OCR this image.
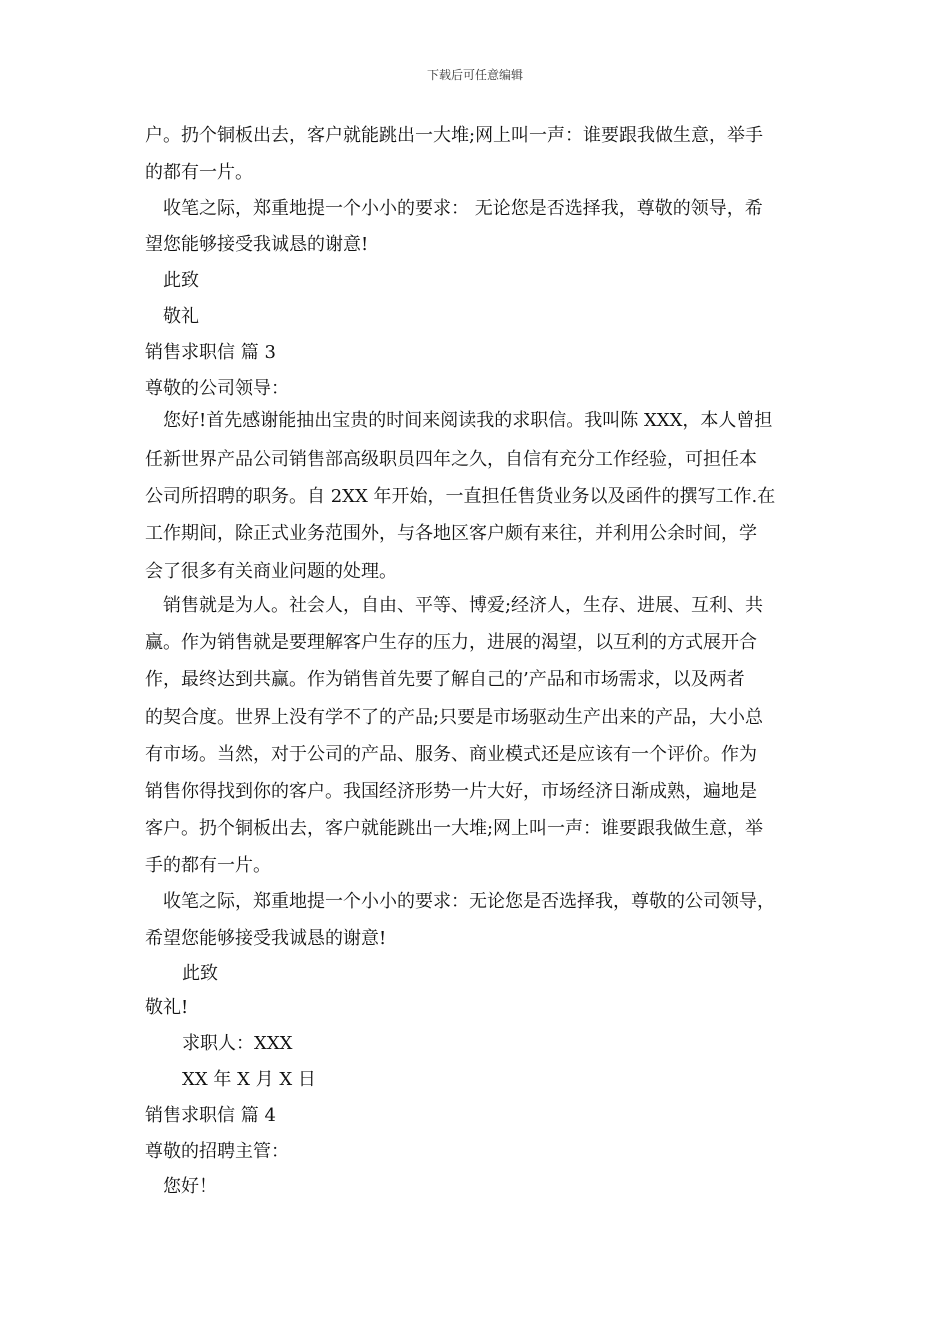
下载后可任意编辑
户。扔个铜板出去，客户就能跳出一大堆;网上叫一声：谁要跟我做生意，举手
的都有一片。
收笔之际，郑重地提一个小小的要求： 无论您是否选择我，尊敬的领导，希
望您能够接受我诚恳的谢意!
此致
敬礼
销售求职信 篇 3
尊敬的公司领导：
您好!首先感谢能抽出宝贵的时间来阅读我的求职信。我叫陈 XXX，本人曾担
任新世界产品公司销售部高级职员四年之久，自信有充分工作经验，可担任本
公司所招聘的职务。自 2XX 年开始，一直担任售货业务以及函件的撰写工作.在
工作期间，除正式业务范围外，与各地区客户颇有来往，并利用公余时间，学
会了很多有关商业问题的处理。
销售就是为人。社会人，自由、平等、博爱;经济人，生存、进展、互利、共
赢。作为销售就是要理解客户生存的压力，进展的渴望，以互利的方式展开合
作，最终达到共赢。作为销售首先要了解自己的’产品和市场需求，以及两者
的契合度。世界上没有学不了的产品;只要是市场驱动生产出来的产品，大小总
有市场。当然，对于公司的产品、服务、商业模式还是应该有一个评价。作为
销售你得找到你的客户。我国经济形势一片大好，市场经济日渐成熟，遍地是
客户。扔个铜板出去，客户就能跳出一大堆;网上叫一声：谁要跟我做生意，举
手的都有一片。
收笔之际，郑重地提一个小小的要求：无论您是否选择我，尊敬的公司领导，
希望您能够接受我诚恳的谢意!
此致
敬礼!
求职人：XXX
XX 年 X 月 X 日
销售求职信 篇 4
尊敬的招聘主管：
您好！
